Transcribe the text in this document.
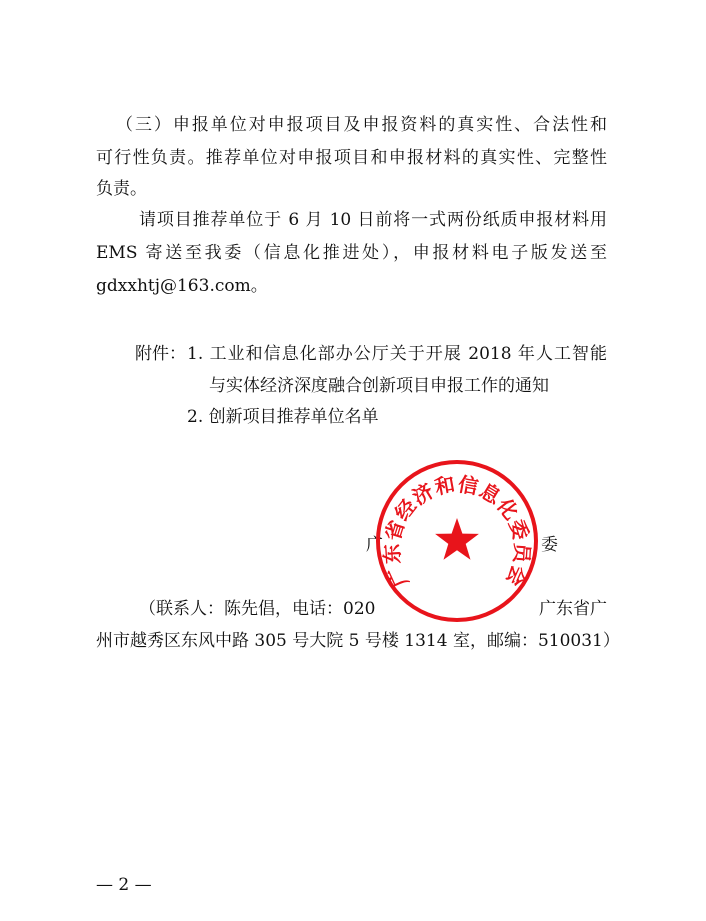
（三）申报单位对申报项目及申报资料的真实性、合法性和
可行性负责。推荐单位对申报项目和申报材料的真实性、完整性
负责。
请项目推荐单位于 6 月 10 日前将一式两份纸质申报材料用
EMS 寄送至我委（信息化推进处），申报材料电子版发送至
gdxxhtj@163.com。
附件： 1. 工业和信息化部办公厅关于开展 2018 年人工智能
与实体经济深度融合创新项目申报工作的通知
2. 创新项目推荐单位名单
广	委
（联系人：陈先倡，电话：020	广东省广
州市越秀区东风中路 305 号大院 5 号楼 1314 室，邮编：510031）
广东省经济和信息化委员会
— 2 —
